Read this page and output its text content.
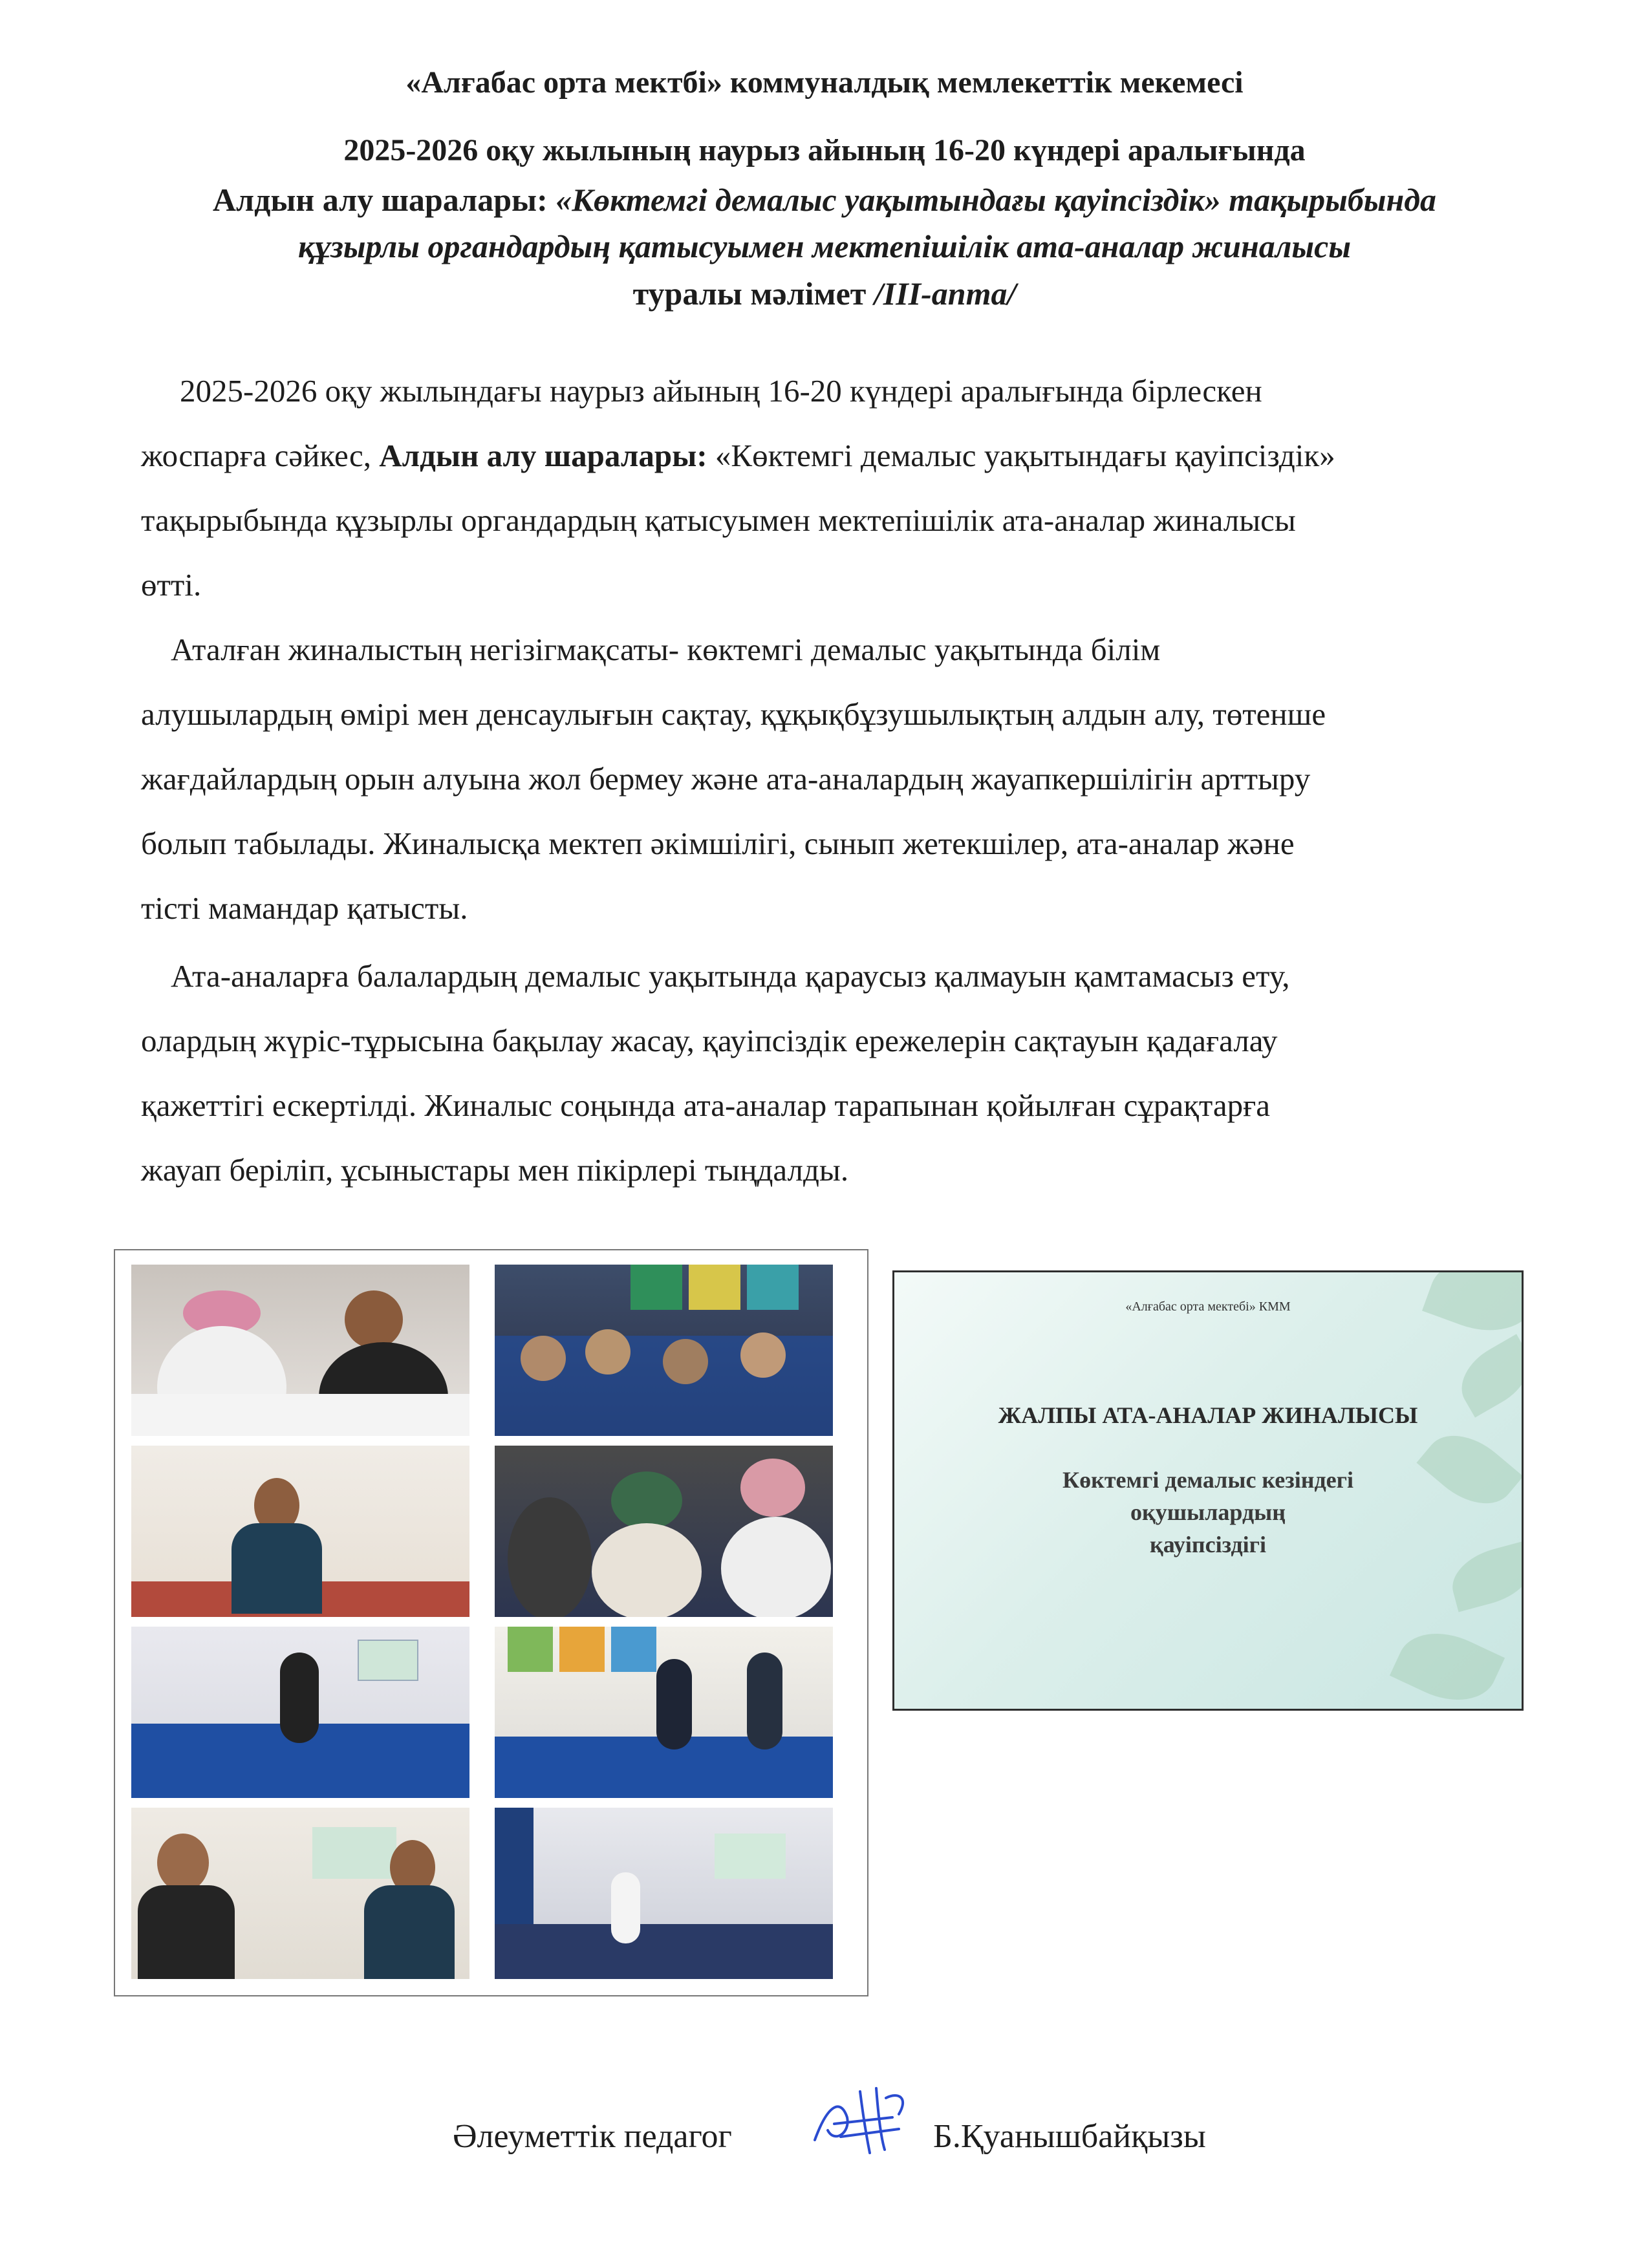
«Алғабас орта мектбі» коммуналдық мемлекеттік мекемесі
2025-2026 оқу жылының наурыз айының 16-20 күндері аралығында
Алдын алу шаралары: «Көктемгі демалыс уақытындағы қауіпсіздік» тақырыбында
құзырлы органдардың қатысуымен мектепішілік ата-аналар жиналысы
туралы мәлімет /ІІІ-апта/
2025-2026 оқу жылындағы наурыз айының 16-20 күндері аралығында бірлескен
жоспарға сәйкес, Алдын алу шаралары: «Көктемгі демалыс уақытындағы қауіпсіздік»
тақырыбында құзырлы органдардың қатысуымен мектепішілік ата-аналар жиналысы
өтті.
Аталған жиналыстың негізігмақсаты- көктемгі демалыс уақытында білім
алушылардың өмірі мен денсаулығын сақтау, құқықбұзушылықтың алдын алу, төтенше
жағдайлардың орын алуына жол бермеу және ата-аналардың жауапкершілігін арттыру
болып табылады. Жиналысқа мектеп әкімшілігі, сынып жетекшілер, ата-аналар және
тісті мамандар қатысты.
Ата-аналарға балалардың демалыс уақытында қараусыз қалмауын қамтамасыз ету,
олардың жүріс-тұрысына бақылау жасау, қауіпсіздік ережелерін сақтауын қадағалау
қажеттігі ескертілді. Жиналыс соңында ата-аналар тарапынан қойылған сұрақтарға
жауап беріліп, ұсыныстары мен пікірлері тыңдалды.
«Алғабас орта мектебі» КММ
ЖАЛПЫ АТА-АНАЛАР ЖИНАЛЫСЫ
Көктемгі демалыс кезіндегі
оқушылардың
қауіпсіздігі
Әлеуметтік педагог	Б.Қуанышбайқызы
